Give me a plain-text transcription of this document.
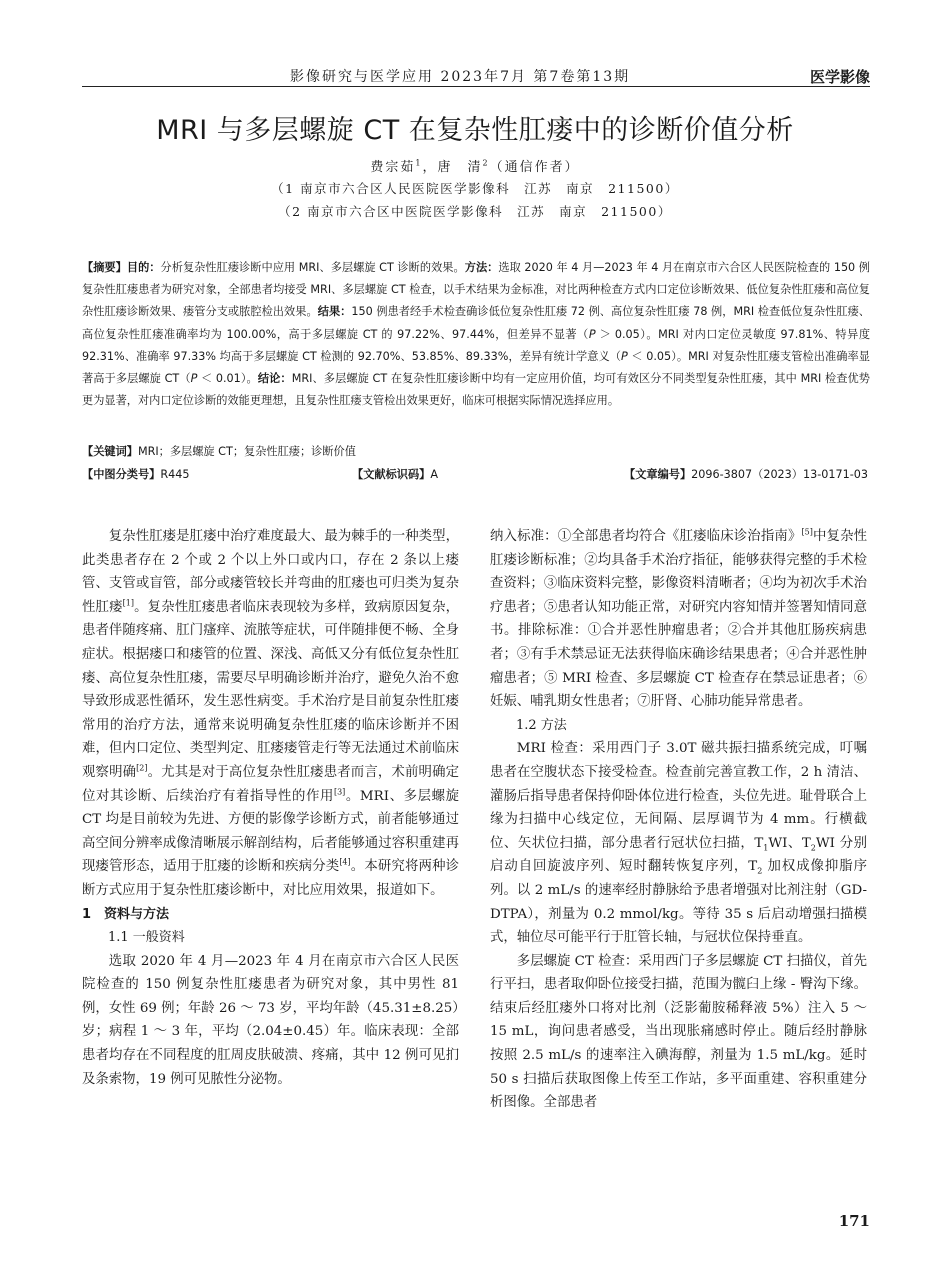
影像研究与医学应用 2023年7月 第7卷第13期	医学影像
MRI 与多层螺旋 CT 在复杂性肛瘘中的诊断价值分析
费宗茹$^1$，唐　清$^2$（通信作者）
（1 南京市六合区人民医院医学影像科　江苏　南京　211500）
（2 南京市六合区中医院医学影像科　江苏　南京　211500）
【摘要】目的：分析复杂性肛瘘诊断中应用 MRI、多层螺旋 CT 诊断的效果。方法：选取 2020 年 4 月—2023 年 4 月在南京市六合区人民医院检查的 150 例复杂性肛瘘患者为研究对象，全部患者均接受 MRI、多层螺旋 CT 检查，以手术结果为金标准，对比两种检查方式内口定位诊断效果、低位复杂性肛瘘和高位复杂性肛瘘诊断效果、瘘管分支或脓腔检出效果。结果：150 例患者经手术检查确诊低位复杂性肛瘘 72 例、高位复杂性肛瘘 78 例，MRI 检查低位复杂性肛瘘、高位复杂性肛瘘准确率均为 100.00%，高于多层螺旋 CT 的 97.22%、97.44%，但差异不显著（P ＞ 0.05）。MRI 对内口定位灵敏度 97.81%、特异度 92.31%、准确率 97.33% 均高于多层螺旋 CT 检测的 92.70%、53.85%、89.33%，差异有统计学意义（P ＜ 0.05）。MRI 对复杂性肛瘘支管检出准确率显著高于多层螺旋 CT（P ＜ 0.01）。结论：MRI、多层螺旋 CT 在复杂性肛瘘诊断中均有一定应用价值，均可有效区分不同类型复杂性肛瘘，其中 MRI 检查优势更为显著，对内口定位诊断的效能更理想，且复杂性肛瘘支管检出效果更好，临床可根据实际情况选择应用。
【关键词】MRI；多层螺旋 CT；复杂性肛瘘；诊断价值
【中图分类号】R445	【文献标识码】A	【文章编号】2096-3807（2023）13-0171-03

复杂性肛瘘是肛瘘中治疗难度最大、最为棘手的一种类型，此类患者存在 2 个或 2 个以上外口或内口，存在 2 条以上瘘管、支管或盲管，部分或瘘管较长并弯曲的肛瘘也可归类为复杂性肛瘘[1]。复杂性肛瘘患者临床表现较为多样，致病原因复杂，患者伴随疼痛、肛门瘙痒、流脓等症状，可伴随排便不畅、全身症状。根据瘘口和瘘管的位置、深浅、高低又分有低位复杂性肛瘘、高位复杂性肛瘘，需要尽早明确诊断并治疗，避免久治不愈导致形成恶性循环，发生恶性病变。手术治疗是目前复杂性肛瘘常用的治疗方法，通常来说明确复杂性肛瘘的临床诊断并不困难，但内口定位、类型判定、肛瘘瘘管走行等无法通过术前临床观察明确[2]。尤其是对于高位复杂性肛瘘患者而言，术前明确定位对其诊断、后续治疗有着指导性的作用[3]。MRI、多层螺旋 CT 均是目前较为先进、方便的影像学诊断方式，前者能够通过高空间分辨率成像清晰展示解剖结构，后者能够通过容积重建再现瘘管形态，适用于肛瘘的诊断和疾病分类[4]。本研究将两种诊断方式应用于复杂性肛瘘诊断中，对比应用效果，报道如下。

1　资料与方法

1.1 一般资料

选取 2020 年 4 月—2023 年 4 月在南京市六合区人民医院检查的 150 例复杂性肛瘘患者为研究对象，其中男性 81 例，女性 69 例；年龄 26 ～ 73 岁，平均年龄（45.31±8.25）岁；病程 1 ～ 3 年，平均（2.04±0.45）年。临床表现：全部患者均存在不同程度的肛周皮肤破溃、疼痛，其中 12 例可见扪及条索物，19 例可见脓性分泌物。

纳入标准：①全部患者均符合《肛瘘临床诊治指南》[5]中复杂性肛瘘诊断标准；②均具备手术治疗指征，能够获得完整的手术检查资料；③临床资料完整，影像资料清晰者；④均为初次手术治疗患者；⑤患者认知功能正常，对研究内容知情并签署知情同意书。排除标准：①合并恶性肿瘤患者；②合并其他肛肠疾病患者；③有手术禁忌证无法获得临床确诊结果患者；④合并恶性肿瘤患者；⑤ MRI 检查、多层螺旋 CT 检查存在禁忌证患者；⑥妊娠、哺乳期女性患者；⑦肝肾、心肺功能异常患者。

1.2 方法

MRI 检查：采用西门子 3.0T 磁共振扫描系统完成，叮嘱患者在空腹状态下接受检查。检查前完善宣教工作，2 h 清洁、灌肠后指导患者保持仰卧体位进行检查，头位先进。耻骨联合上缘为扫描中心线定位，无间隔、层厚调节为 4 mm。行横截位、矢状位扫描，部分患者行冠状位扫描，$T_1WI$、$T_2WI$ 分别启动自回旋波序列、短时翻转恢复序列，$T_2$ 加权成像抑脂序列。以 2 mL/s 的速率经肘静脉给予患者增强对比剂注射（GD-DTPA），剂量为 0.2 mmol/kg。等待 35 s 后启动增强扫描模式，轴位尽可能平行于肛管长轴，与冠状位保持垂直。

多层螺旋 CT 检查：采用西门子多层螺旋 CT 扫描仪，首先行平扫，患者取仰卧位接受扫描，范围为髋臼上缘 - 臀沟下缘。结束后经肛瘘外口将对比剂（泛影葡胺稀释液 5%）注入 5 ～ 15 mL，询问患者感受，当出现胀痛感时停止。随后经肘静脉按照 2.5 mL/s 的速率注入碘海醇，剂量为 1.5 mL/kg。延时 50 s 扫描后获取图像上传至工作站，多平面重建、容积重建分析图像。全部患者

171
